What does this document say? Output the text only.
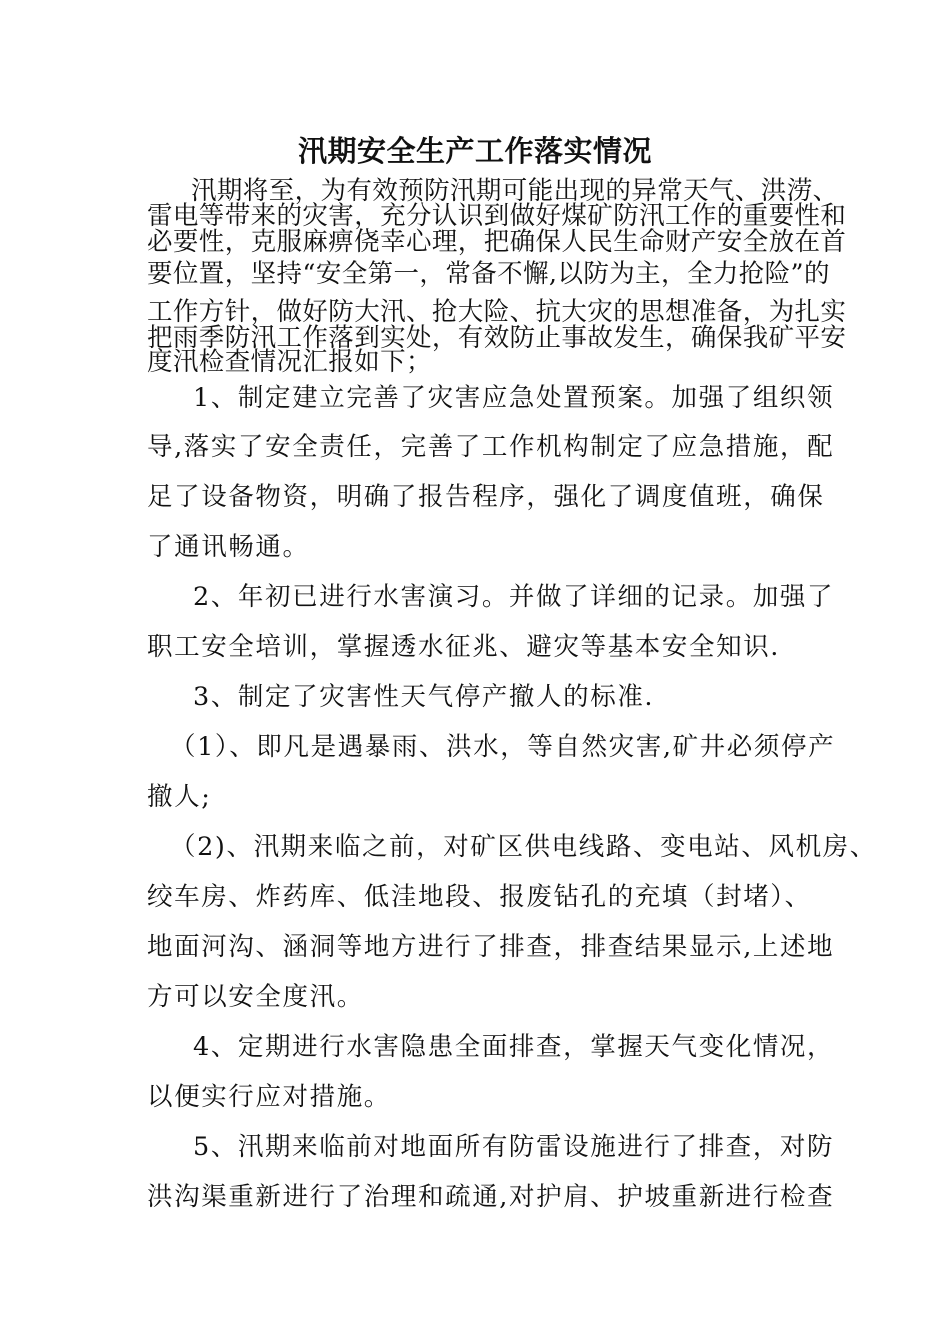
汛期安全生产工作落实情况
汛期将至，为有效预防汛期可能出现的异常天气、洪涝、
雷电等带来的灾害，充分认识到做好煤矿防汛工作的重要性和
必要性，克服麻痹侥幸心理，把确保人民生命财产安全放在首
要位置，坚持“安全第一，常备不懈,以防为主，全力抢险”的
工作方针，做好防大汛、抢大险、抗大灾的思想准备，为扎实
把雨季防汛工作落到实处，有效防止事故发生，确保我矿平安
度汛检查情况汇报如下；
1、制定建立完善了灾害应急处置预案。加强了组织领
导,落实了安全责任，完善了工作机构制定了应急措施，配
足了设备物资，明确了报告程序，强化了调度值班，确保
了通讯畅通。
2、年初已进行水害演习。并做了详细的记录。加强了
职工安全培训，掌握透水征兆、避灾等基本安全知识.
3、制定了灾害性天气停产撤人的标准.
（1）、即凡是遇暴雨、洪水，等自然灾害,矿井必须停产
撤人;
（2)、汛期来临之前，对矿区供电线路、变电站、风机房、
绞车房、炸药库、低洼地段、报废钻孔的充填（封堵）、
地面河沟、涵洞等地方进行了排查，排查结果显示,上述地
方可以安全度汛。
4、定期进行水害隐患全面排查，掌握天气变化情况，
以便实行应对措施。
5、汛期来临前对地面所有防雷设施进行了排查，对防
洪沟渠重新进行了治理和疏通,对护肩、护坡重新进行检查
